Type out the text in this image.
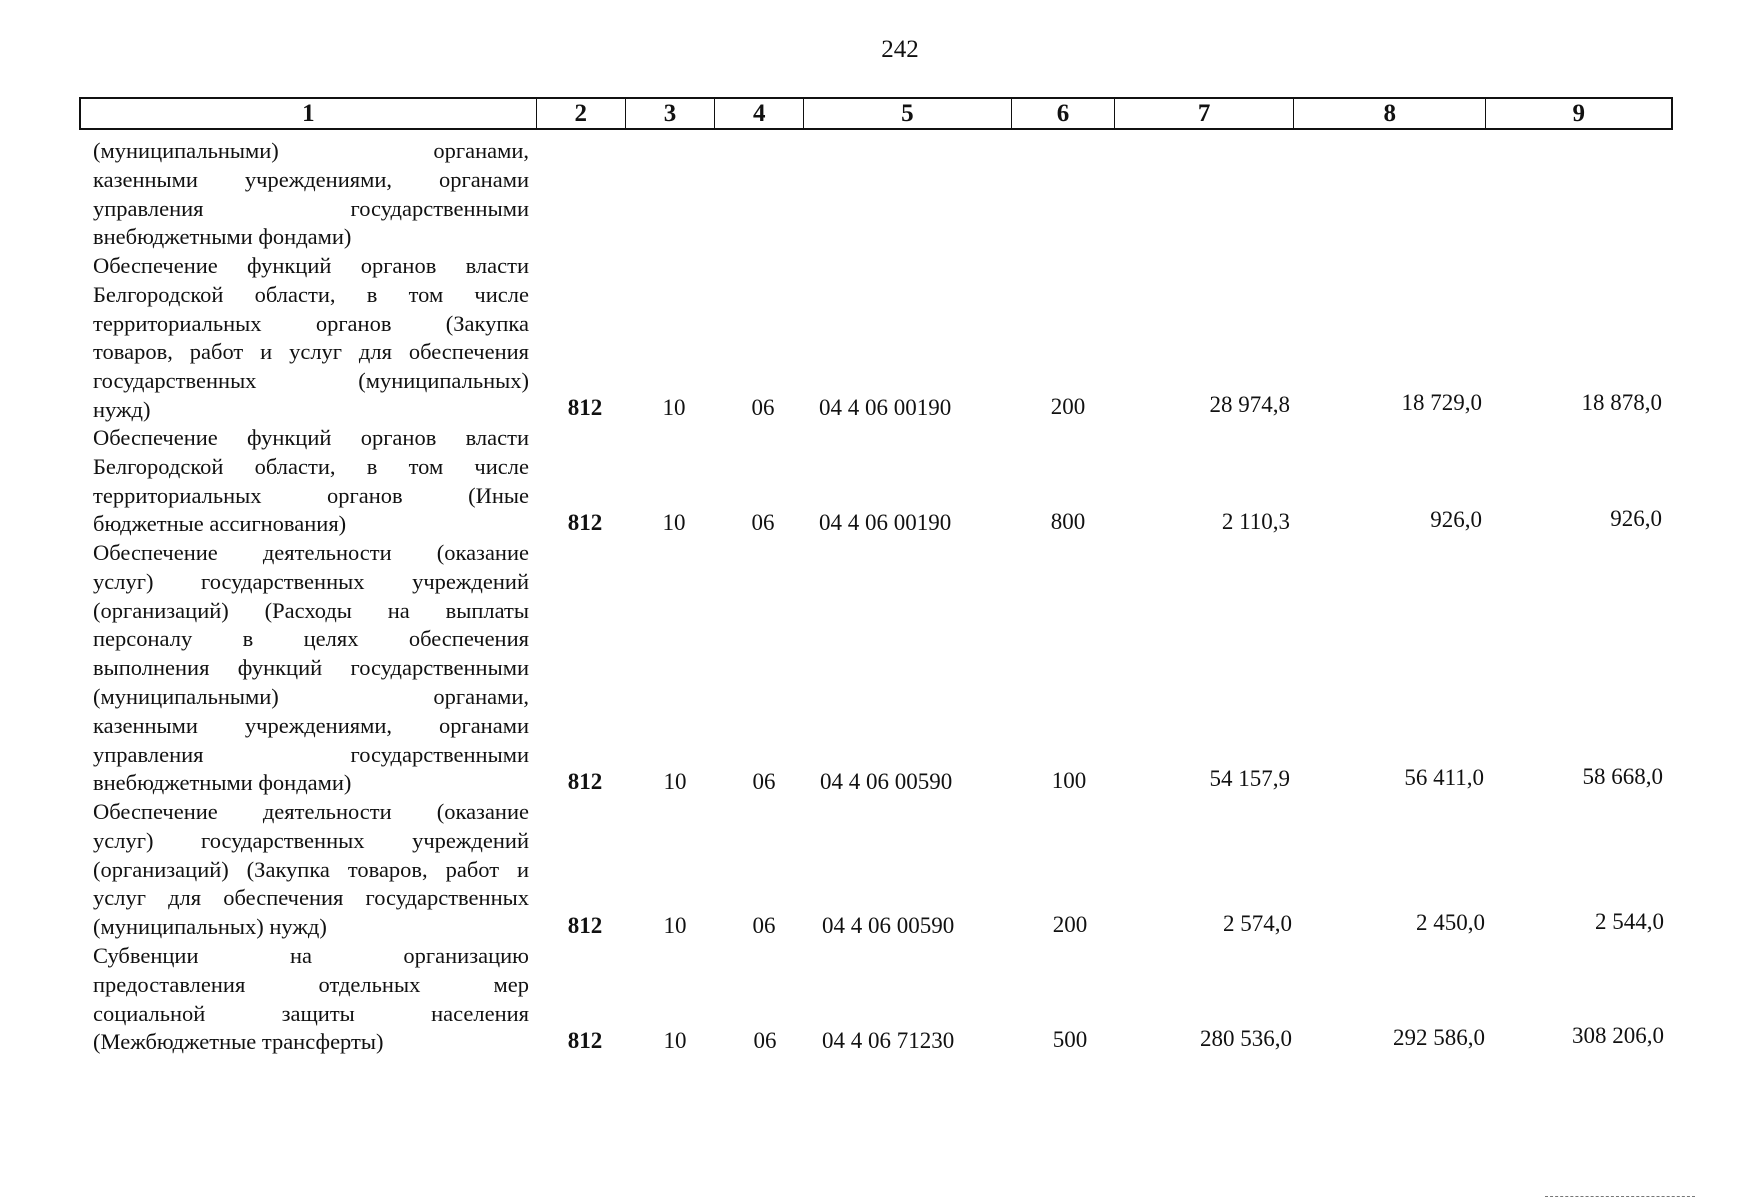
242
1	2	3	4	5	6	7	8	9
(муниципальными) органами,
казенными учреждениями, органами
управления государственными
внебюджетными фондами)
Обеспечение функций органов власти
Белгородской области, в том числе
территориальных органов (Закупка
товаров, работ и услуг для обеспечения
государственных (муниципальных)
нужд)	812	10	06	04 4 06 00190	200	28 974,8	18 729,0	18 878,0
Обеспечение функций органов власти
Белгородской области, в том числе
территориальных органов (Иные
бюджетные ассигнования)	812	10	06	04 4 06 00190	800	2 110,3	926,0	926,0
Обеспечение деятельности (оказание
услуг) государственных учреждений
(организаций) (Расходы на выплаты
персоналу в целях обеспечения
выполнения функций государственными
(муниципальными) органами,
казенными учреждениями, органами
управления государственными
внебюджетными фондами)	812	10	06	04 4 06 00590	100	54 157,9	56 411,0	58 668,0
Обеспечение деятельности (оказание
услуг) государственных учреждений
(организаций) (Закупка товаров, работ и
услуг для обеспечения государственных
(муниципальных) нужд)	812	10	06	04 4 06 00590	200	2 574,0	2 450,0	2 544,0
Субвенции на организацию
предоставления отдельных мер
социальной защиты населения
(Межбюджетные трансферты)	812	10	06	04 4 06 71230	500	280 536,0	292 586,0	308 206,0
